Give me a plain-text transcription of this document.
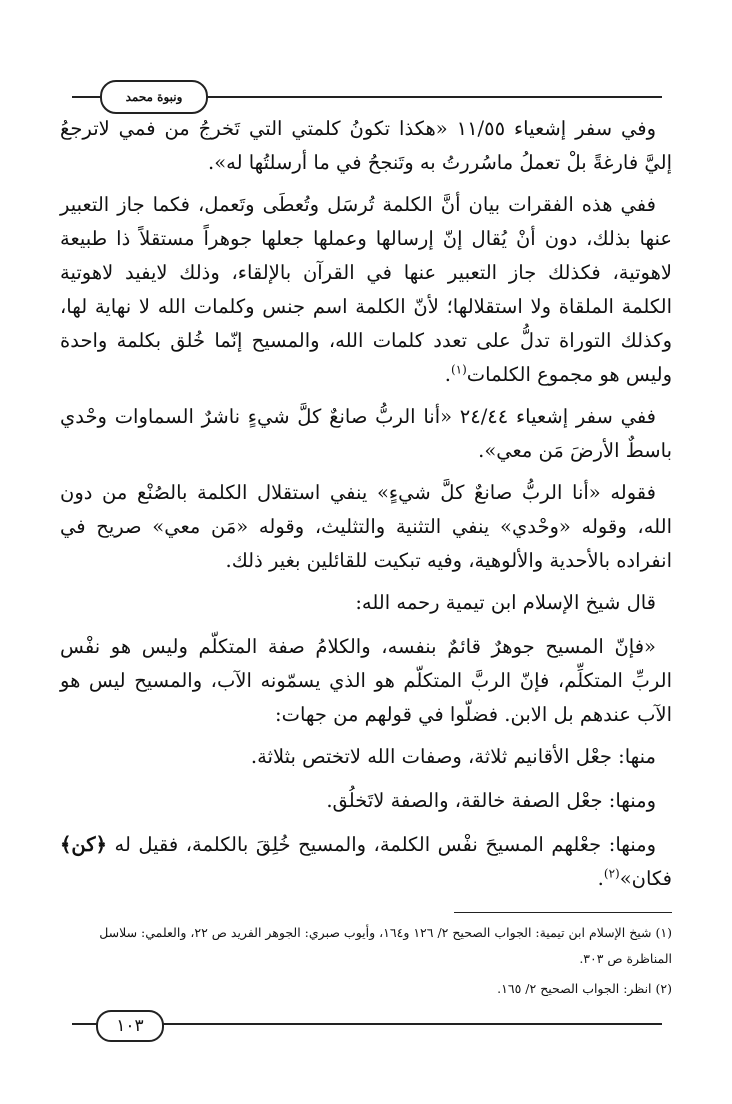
ونبوة محمد

وفي سفر إشعياء ١١/٥٥ «هكذا تكونُ كلمتي التي تَخرجُ من فمي لاترجعُ إليَّ فارغةً بلْ تعملُ ماسُررتُ به وتَنجحُ في ما أرسلتُها له».

ففي هذه الفقرات بيان أنَّ الكلمة تُرسَل وتُعطَى وتَعمل، فكما جاز التعبير عنها بذلك، دون أنْ يُقال إنّ إرسالها وعملها جعلها جوهراً مستقلاً ذا طبيعة لاهوتية، فكذلك جاز التعبير عنها في القرآن بالإلقاء، وذلك لايفيد لاهوتية الكلمة الملقاة ولا استقلالها؛ لأنّ الكلمة اسم جنس وكلمات الله لا نهاية لها، وكذلك التوراة تدلُّ على تعدد كلمات الله، والمسيح إنّما خُلق بكلمة واحدة وليس هو مجموع الكلمات$^{(١)}$.

ففي سفر إشعياء ٢٤/٤٤ «أنا الربُّ صانعٌ كلَّ شيءٍ ناشرٌ السماوات وحْدي باسطٌ الأرضَ مَن معي».

فقوله «أنا الربُّ صانعٌ كلَّ شيءٍ» ينفي استقلال الكلمة بالصُنْع من دون الله، وقوله «وحْدي» ينفي التثنية والتثليث، وقوله «مَن معي» صريح في انفراده بالأحدية والألوهية، وفيه تبكيت للقائلين بغير ذلك.

قال شيخ الإسلام ابن تيمية رحمه الله:

«فإنّ المسيح جوهرٌ قائمٌ بنفسه، والكلامُ صفة المتكلّم وليس هو نفْس الربِّ المتكلِّم، فإنّ الربَّ المتكلّم هو الذي يسمّونه الآب، والمسيح ليس هو الآب عندهم بل الابن. فضلّوا في قولهم من جهات:

منها: جعْل الأقانيم ثلاثة، وصفات الله لاتختص بثلاثة.

ومنها: جعْل الصفة خالقة، والصفة لاتَخلُق.

ومنها: جعْلهم المسيحَ نفْس الكلمة، والمسيح خُلِقَ بالكلمة، فقيل له ﴿كن﴾ فكان»$^{(٢)}$.

(١) شيخ الإسلام ابن تيمية: الجواب الصحيح ٢/ ١٢٦ و١٦٤، وأيوب صبري: الجوهر الفريد ص ٢٢، والعلمي: سلاسل المناظرة ص ٣٠٣.
(٢) انظر: الجواب الصحيح ٢/ ١٦٥.
١٠٣
